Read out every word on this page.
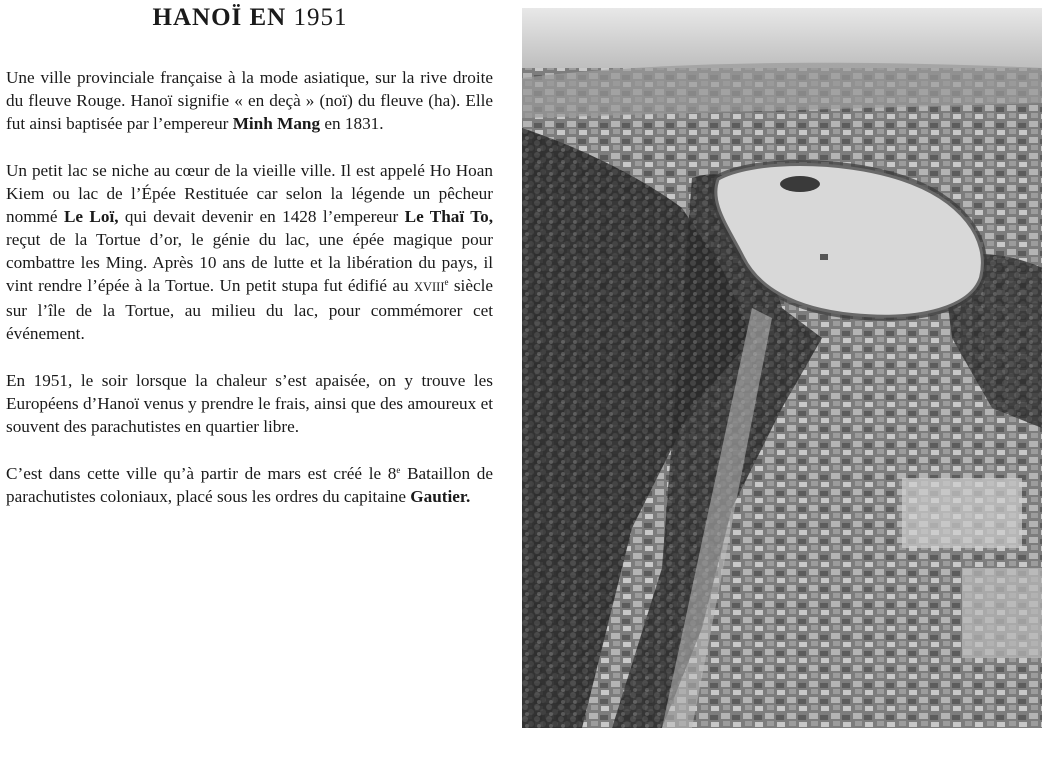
HANOÏ EN 1951

Une ville provinciale française à la mode asiatique, sur la rive droite du fleuve Rouge. Hanoï signifie « en deçà » (noï) du fleuve (ha). Elle fut ainsi baptisée par l’empereur Minh Mang en 1831.

Un petit lac se niche au cœur de la vieille ville. Il est appelé Ho Hoan Kiem ou lac de l’Épée Restituée car selon la légende un pêcheur nommé Le Loï, qui devait devenir en 1428 l’empereur Le Thaï To, reçut de la Tortue d’or, le génie du lac, une épée magique pour combattre les Ming. Après 10 ans de lutte et la libération du pays, il vint rendre l’épée à la Tortue. Un petit stupa fut édifié au XVIIIe siècle sur l’île de la Tortue, au milieu du lac, pour commémorer cet événement.

En 1951, le soir lorsque la chaleur s’est apaisée, on y trouve les Européens d’Hanoï venus y prendre le frais, ainsi que des amoureux et souvent des parachutistes en quartier libre.

C’est dans cette ville qu’à partir de mars est créé le 8e Bataillon de parachutistes coloniaux, placé sous les ordres du capitaine Gautier.
